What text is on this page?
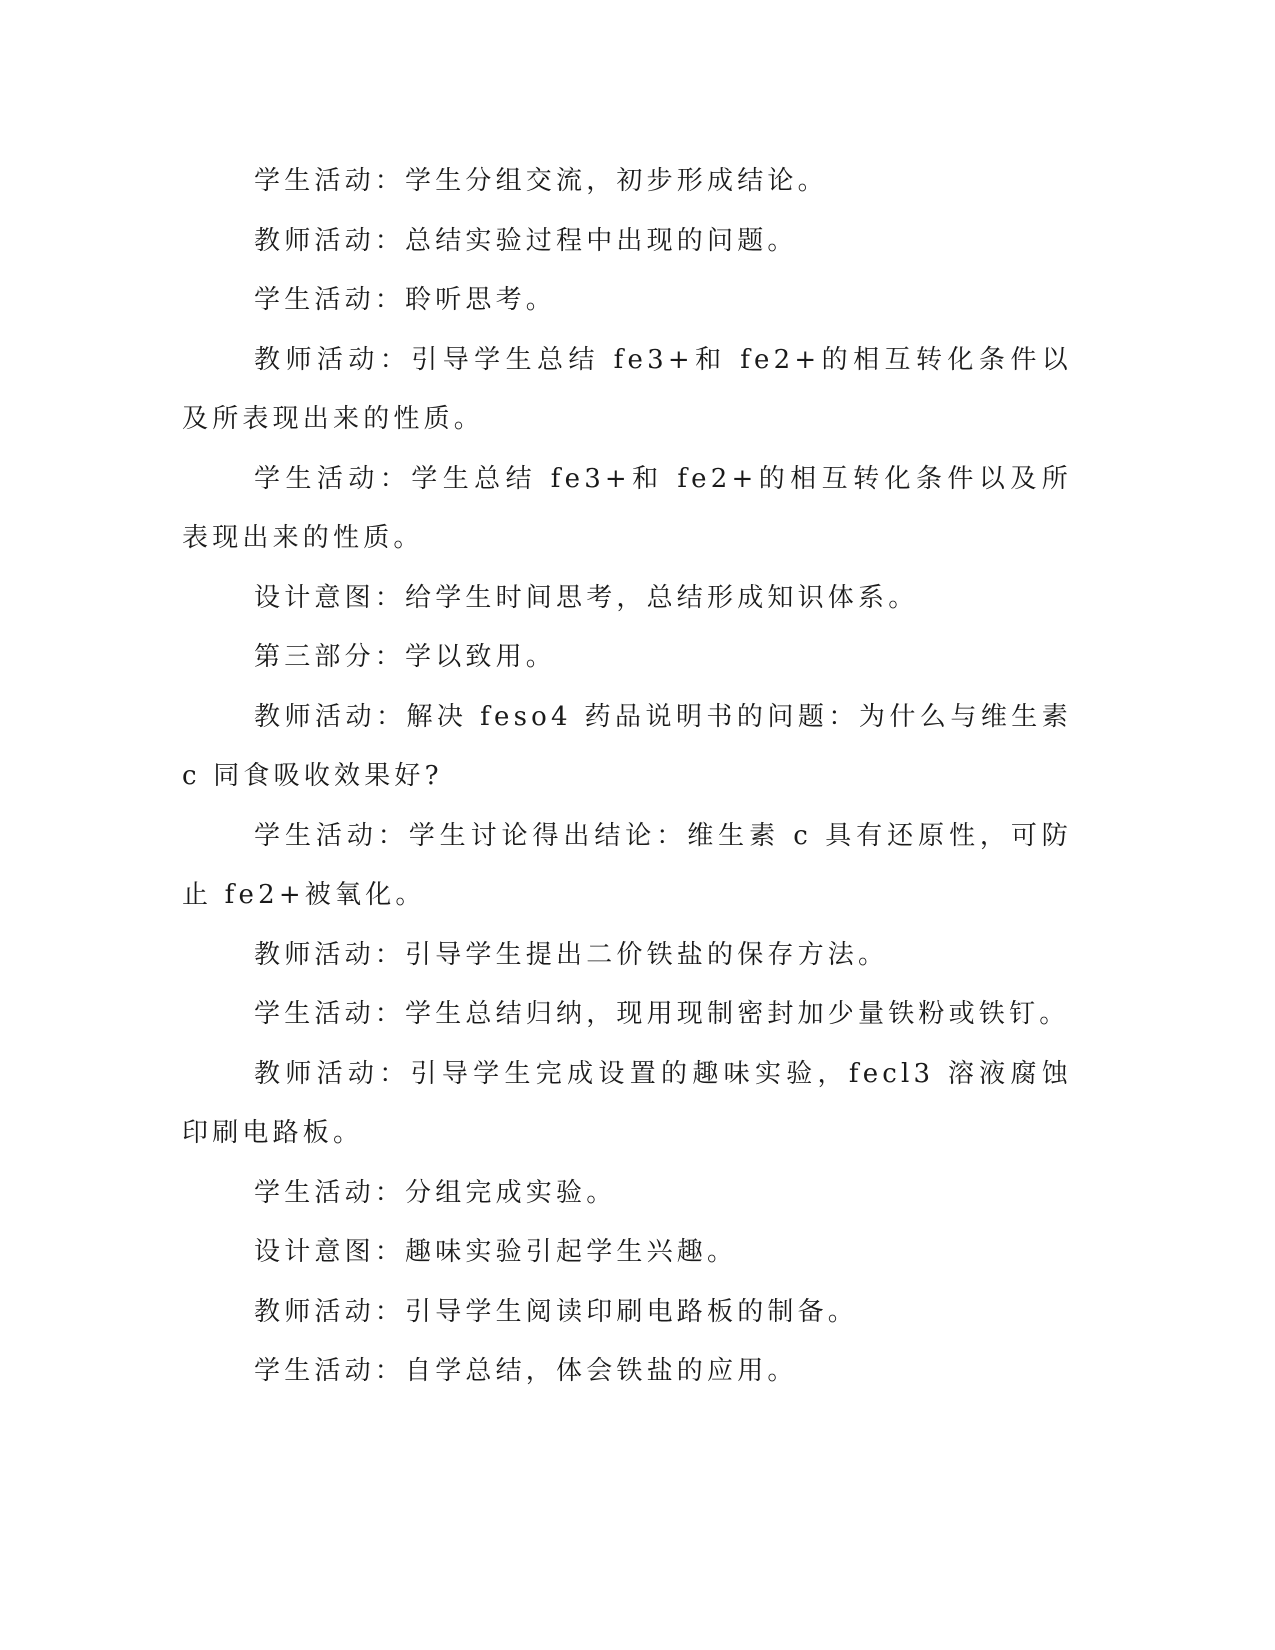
学生活动：学生分组交流，初步形成结论。

教师活动：总结实验过程中出现的问题。

学生活动：聆听思考。

教师活动：引导学生总结 fe3+和 fe2+的相互转化条件以及所表现出来的性质。

学生活动：学生总结 fe3+和 fe2+的相互转化条件以及所表现出来的性质。

设计意图：给学生时间思考，总结形成知识体系。

第三部分：学以致用。

教师活动：解决 feso4 药品说明书的问题：为什么与维生素 c 同食吸收效果好?

学生活动：学生讨论得出结论：维生素 c 具有还原性，可防止 fe2+被氧化。

教师活动：引导学生提出二价铁盐的保存方法。

学生活动：学生总结归纳，现用现制密封加少量铁粉或铁钉。

教师活动：引导学生完成设置的趣味实验，fecl3 溶液腐蚀印刷电路板。

学生活动：分组完成实验。

设计意图：趣味实验引起学生兴趣。

教师活动：引导学生阅读印刷电路板的制备。

学生活动：自学总结，体会铁盐的应用。
